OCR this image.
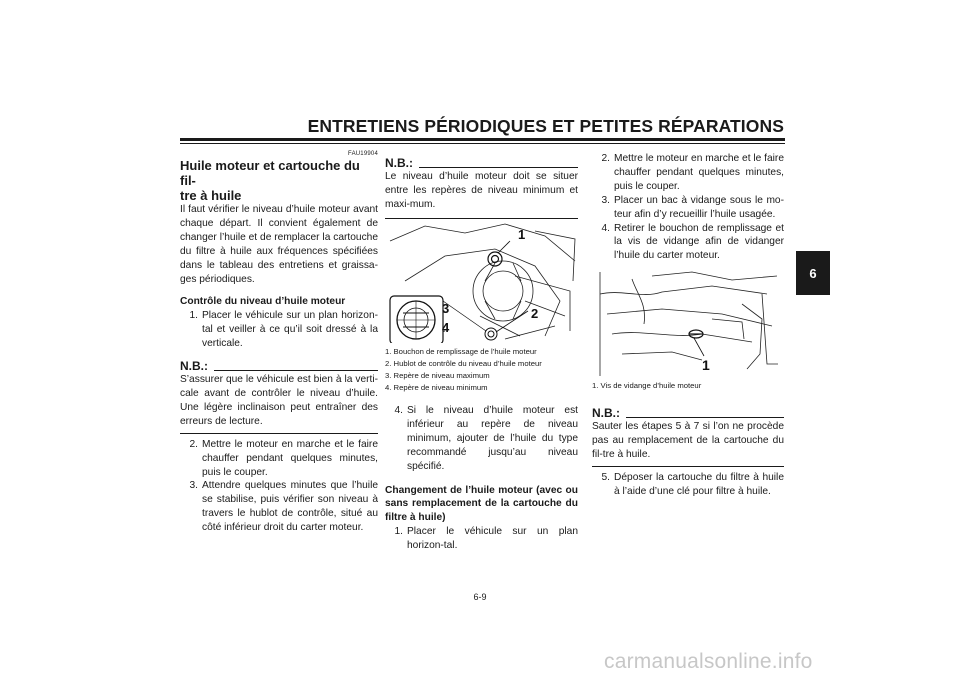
ENTRETIENS PÉRIODIQUES ET PETITES RÉPARATIONS
6
FAU19904

Huile moteur et cartouche du fil-

tre à huile

Il faut vérifier le niveau d’huile moteur avant chaque départ. Il convient également de changer l’huile et de remplacer la cartouche du filtre à huile aux fréquences spécifiées dans le tableau des entretiens et graissa-ges périodiques.

Contrôle du niveau d’huile moteur

1. Placer le véhicule sur un plan horizon-tal et veiller à ce qu’il soit dressé à la verticale.
N.B.:

S’assurer que le véhicule est bien à la verti-cale avant de contrôler le niveau d’huile. Une légère inclinaison peut entraîner des erreurs de lecture.

2. Mettre le moteur en marche et le faire chauffer pendant quelques minutes, puis le couper.
3. Attendre quelques minutes que l’huile se stabilise, puis vérifier son niveau à travers le hublot de contrôle, situé au côté inférieur droit du carter moteur.
N.B.:

Le niveau d’huile moteur doit se situer entre les repères de niveau minimum et maxi-mum.

1
2
3
4
1. Bouchon de remplissage de l’huile moteur
2. Hublot de contrôle du niveau d’huile moteur
3. Repère de niveau maximum
4. Repère de niveau minimum
4. Si le niveau d’huile moteur est inférieur au repère de niveau minimum, ajouter de l’huile du type recommandé jusqu’au niveau spécifié.

Changement de l’huile moteur (avec ou sans remplacement de la cartouche du filtre à huile)

1. Placer le véhicule sur un plan horizon-tal.
2. Mettre le moteur en marche et le faire chauffer pendant quelques minutes, puis le couper.
3. Placer un bac à vidange sous le mo-teur afin d’y recueillir l’huile usagée.
4. Retirer le bouchon de remplissage et la vis de vidange afin de vidanger l’huile du carter moteur.
1
1. Vis de vidange d’huile moteur
N.B.:

Sauter les étapes 5 à 7 si l’on ne procède pas au remplacement de la cartouche du fil-tre à huile.

5. Déposer la cartouche du filtre à huile à l’aide d’une clé pour filtre à huile.
6-9
carmanualsonline.info
